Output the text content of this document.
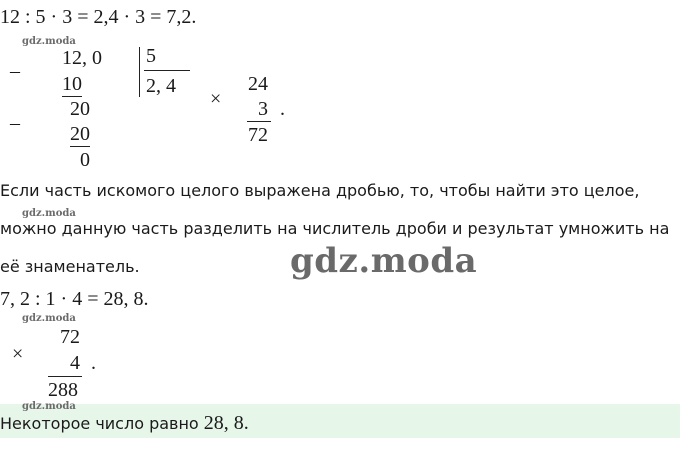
12 : 5 · 3 = 2,4 · 3 = 7,2.
gdz.moda
–
12, 0 5
2, 4
10
20
–	20
0
×
24
3
72
.
Если часть искомого целого выражена дробью, то, чтобы найти это целое,
gdz.moda
можно данную часть разделить на числитель дроби и результат умножить на
её знаменатель.	gdz.moda
7, 2 : 1 · 4 = 28, 8.
gdz.moda
×
72
4
288
.
gdz.moda
Некоторое число равно 28, 8.
